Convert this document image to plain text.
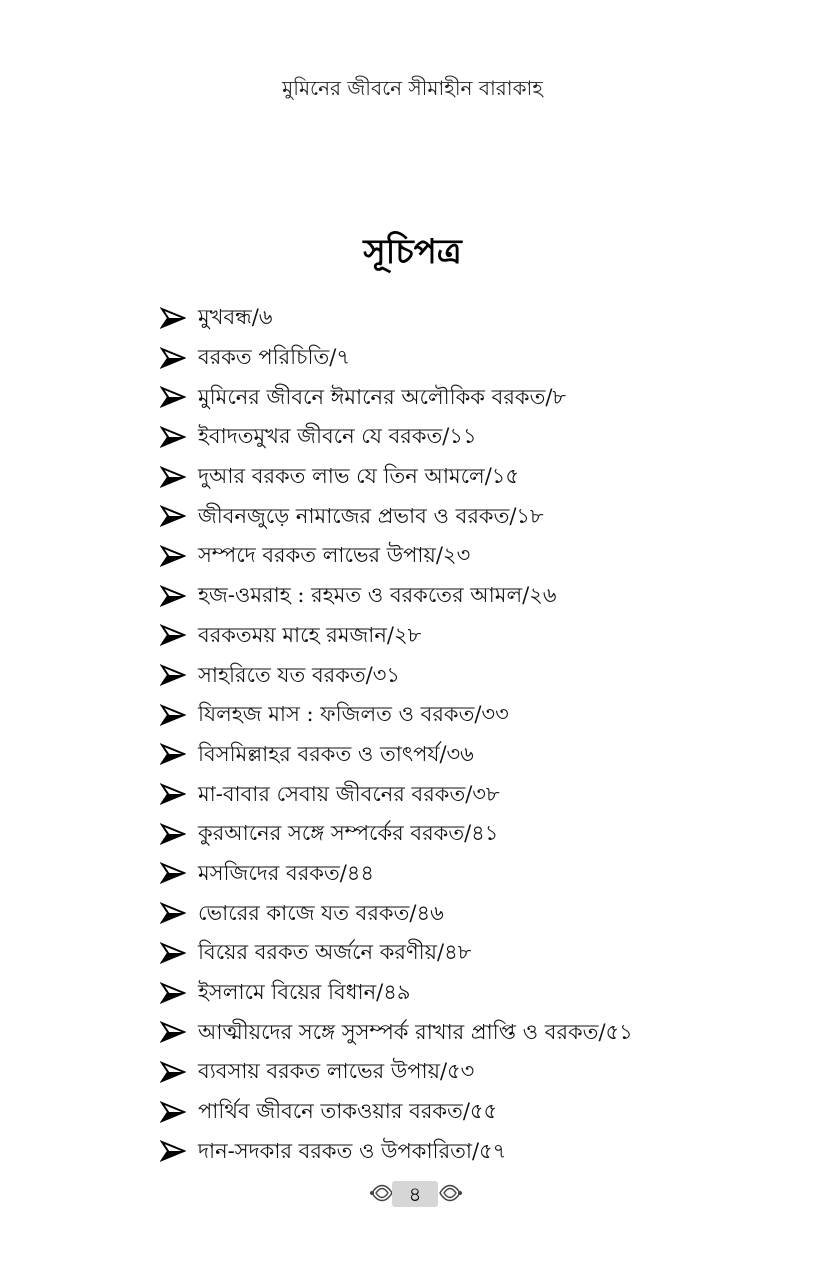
মুমিনের জীবনে সীমাহীন বারাকাহ
সূচিপত্র
মুখবন্ধ/৬
বরকত পরিচিতি/৭
মুমিনের জীবনে ঈমানের অলৌকিক বরকত/৮
ইবাদতমুখর জীবনে যে বরকত/১১
দুআর বরকত লাভ যে তিন আমলে/১৫
জীবনজুড়ে নামাজের প্রভাব ও বরকত/১৮
সম্পদে বরকত লাভের উপায়/২৩
হজ-ওমরাহ : রহমত ও বরকতের আমল/২৬
বরকতময় মাহে রমজান/২৮
সাহরিতে যত বরকত/৩১
যিলহজ মাস : ফজিলত ও বরকত/৩৩
বিসমিল্লাহর বরকত ও তাৎপর্য/৩৬
মা-বাবার সেবায় জীবনের বরকত/৩৮
কুরআনের সঙ্গে সম্পর্কের বরকত/৪১
মসজিদের বরকত/৪৪
ভোরের কাজে যত বরকত/৪৬
বিয়ের বরকত অর্জনে করণীয়/৪৮
ইসলামে বিয়ের বিধান/৪৯
আত্মীয়দের সঙ্গে সুসম্পর্ক রাখার প্রাপ্তি ও বরকত/৫১
ব্যবসায় বরকত লাভের উপায়/৫৩
পার্থিব জীবনে তাকওয়ার বরকত/৫৫
দান-সদকার বরকত ও উপকারিতা/৫৭
৪
